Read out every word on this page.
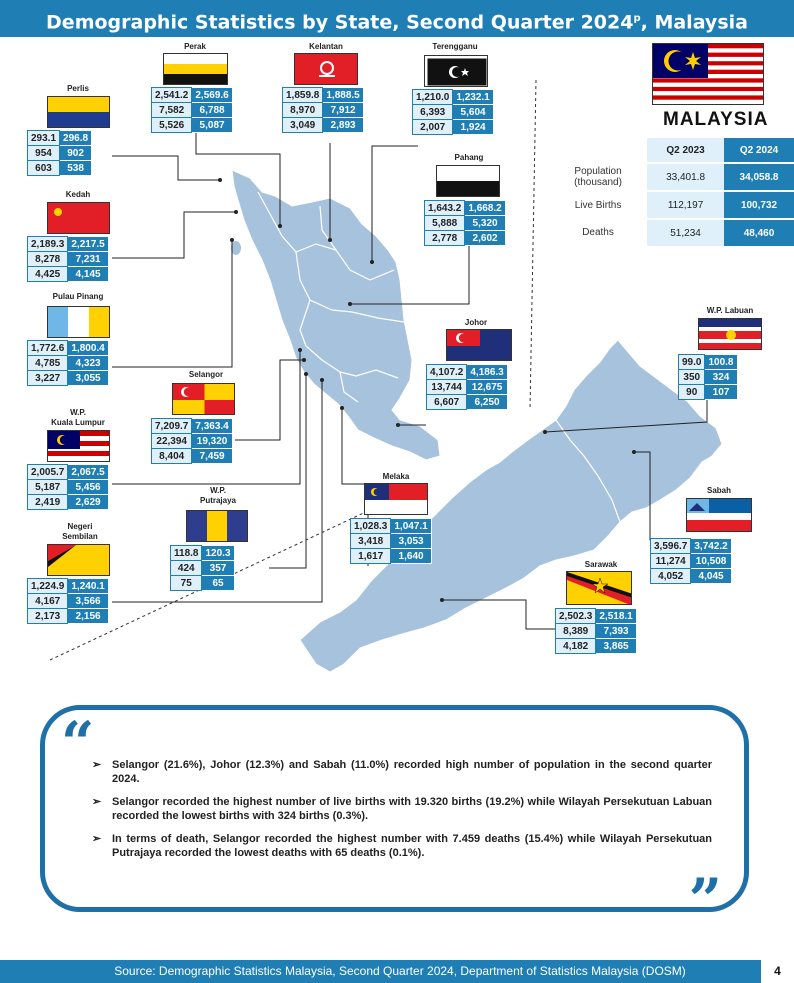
Demographic Statistics by State, Second Quarter 2024$^p$, Malaysia
MALAYSIA
	Q2 2023	Q2 2024
Population
(thousand)	33,401.8	34,058.8
Live Births	112,197	100,732
Deaths	51,234	48,460
Perlis
293.1	296.8
954	902
603	538
Kedah
2,189.3	2,217.5
8,278	7,231
4,425	4,145
Pulau Pinang
1,772.6	1,800.4
4,785	4,323
3,227	3,055
W.P.
Kuala Lumpur
2,005.7	2,067.5
5,187	5,456
2,419	2,629
Negeri
Sembilan
1,224.9	1,240.1
4,167	3,566
2,173	2,156
Perak
2,541.2	2,569.6
7,582	6,788
5,526	5,087
Kelantan
1,859.8	1,888.5
8,970	7,912
3,049	2,893
Terengganu
1,210.0	1,232.1
6,393	5,604
2,007	1,924
Pahang
1,643.2	1,668.2
5,888	5,320
2,778	2,602
Selangor
7,209.7	7,363.4
22,394	19,320
8,404	7,459
W.P.
Putrajaya
118.8	120.3
424	357
75	65
Johor
4,107.2	4,186.3
13,744	12,675
6,607	6,250
Melaka
1,028.3	1,047.1
3,418	3,053
1,617	1,640
W.P. Labuan
99.0	100.8
350	324
90	107
Sabah
3,596.7	3,742.2
11,274	10,508
4,052	4,045
Sarawak
2,502.3	2,518.1
8,389	7,393
4,182	3,865
“
➢ Selangor (21.6%), Johor (12.3%) and Sabah (11.0%) recorded high number of population in the second quarter 2024.
➢ Selangor recorded the highest number of live births with 19.320 births (19.2%) while Wilayah Persekutuan Labuan recorded the lowest births with 324 births (0.3%).
➢ In terms of death, Selangor recorded the highest number with 7.459 deaths (15.4%) while Wilayah Persekutuan Putrajaya recorded the lowest deaths with 65 deaths (0.1%).
”
Source: Demographic Statistics Malaysia, Second Quarter 2024, Department of Statistics Malaysia (DOSM)	4
